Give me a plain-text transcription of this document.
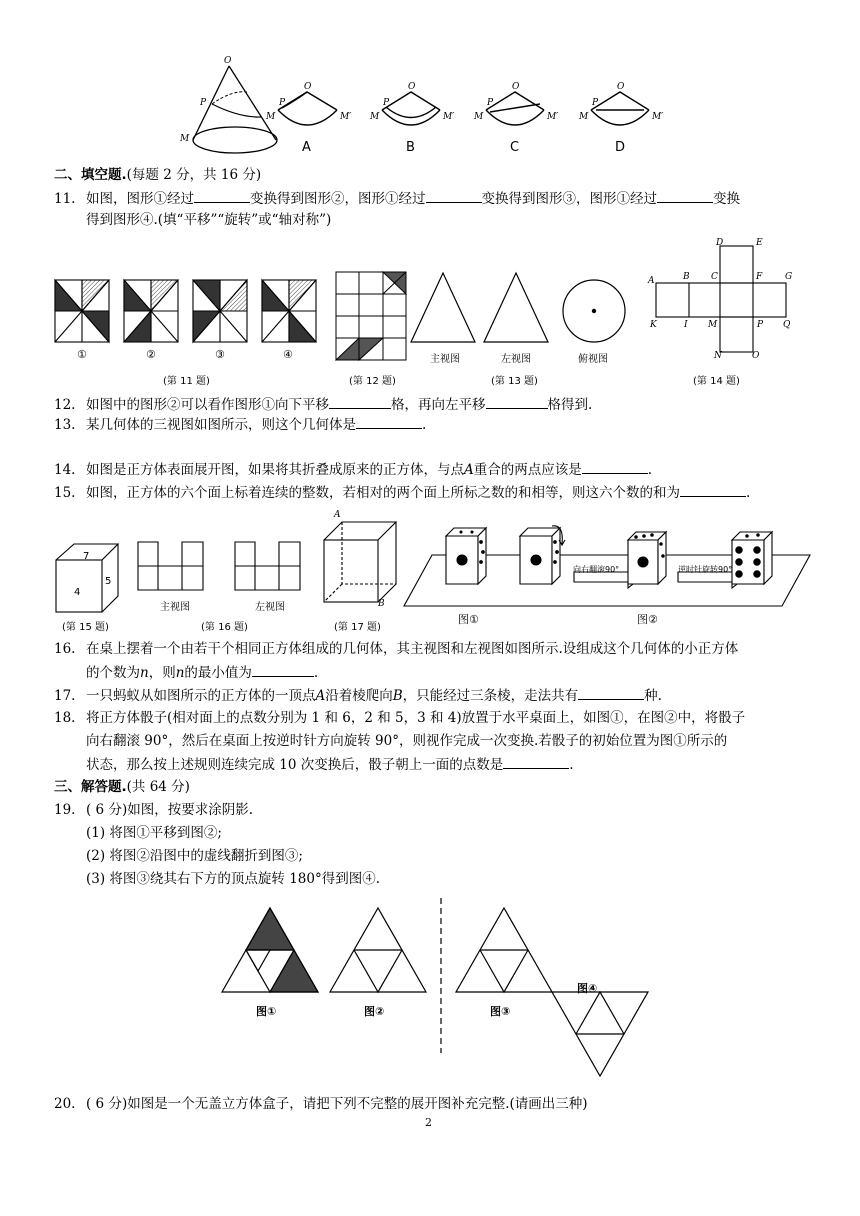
O
P
M
O
P
M	M′
A
O
P
M	M′
B
O
P
M	M′
C
O
P
M	M′
D
二、填空题.(每题 2 分，共 16 分)
11. 如图，图形①经过	变换得到图形②，图形①经过	变换得到图形③，图形①经过	变换
得到图形④.(填“平移”“旋转”或“轴对称”)
①	②	③	④
(第 11 题)	(第 12 题)
主视图	左视图	俯视图
(第 13 题)
D	E
A	B C	F	G
K	I M	P Q
N	O
(第 14 题)
12. 如图中的图形②可以看作图形①向下平移	格，再向左平移	格得到.
13. 某几何体的三视图如图所示，则这个几何体是	.
14. 如图是正方体表面展开图，如果将其折叠成原来的正方体，与点A重合的两点应该是	.
15. 如图，正方体的六个面上标着连续的整数，若相对的两个面上所标之数的和相等，则这六个数的和为	.
7
5
4
(第 15 题)
主视图	左视图
(第 16 题)
A
B
(第 17 题)
向右翻滚90°	逆时针旋转90°
图①	图②
16. 在桌上摆着一个由若干个相同正方体组成的几何体，其主视图和左视图如图所示.设组成这个几何体的小正方体
的个数为n，则n的最小值为	.
17. 一只蚂蚁从如图所示的正方体的一顶点A沿着棱爬向B，只能经过三条棱，走法共有	种.
18. 将正方体骰子(相对面上的点数分别为 1 和 6，2 和 5，3 和 4)放置于水平桌面上，如图①，在图②中，将骰子
向右翻滚 90°，然后在桌面上按逆时针方向旋转 90°，则视作完成一次变换.若骰子的初始位置为图①所示的
状态，那么按上述规则连续完成 10 次变换后，骰子朝上一面的点数是	.
三、解答题.(共 64 分)
19. ( 6 分)如图，按要求涂阴影.
(1) 将图①平移到图②;
(2) 将图②沿图中的虚线翻折到图③;
(3) 将图③绕其右下方的顶点旋转 180°得到图④.
图①	图②	图③
图④
20. ( 6 分)如图是一个无盖立方体盒子，请把下列不完整的展开图补充完整.(请画出三种)
2
